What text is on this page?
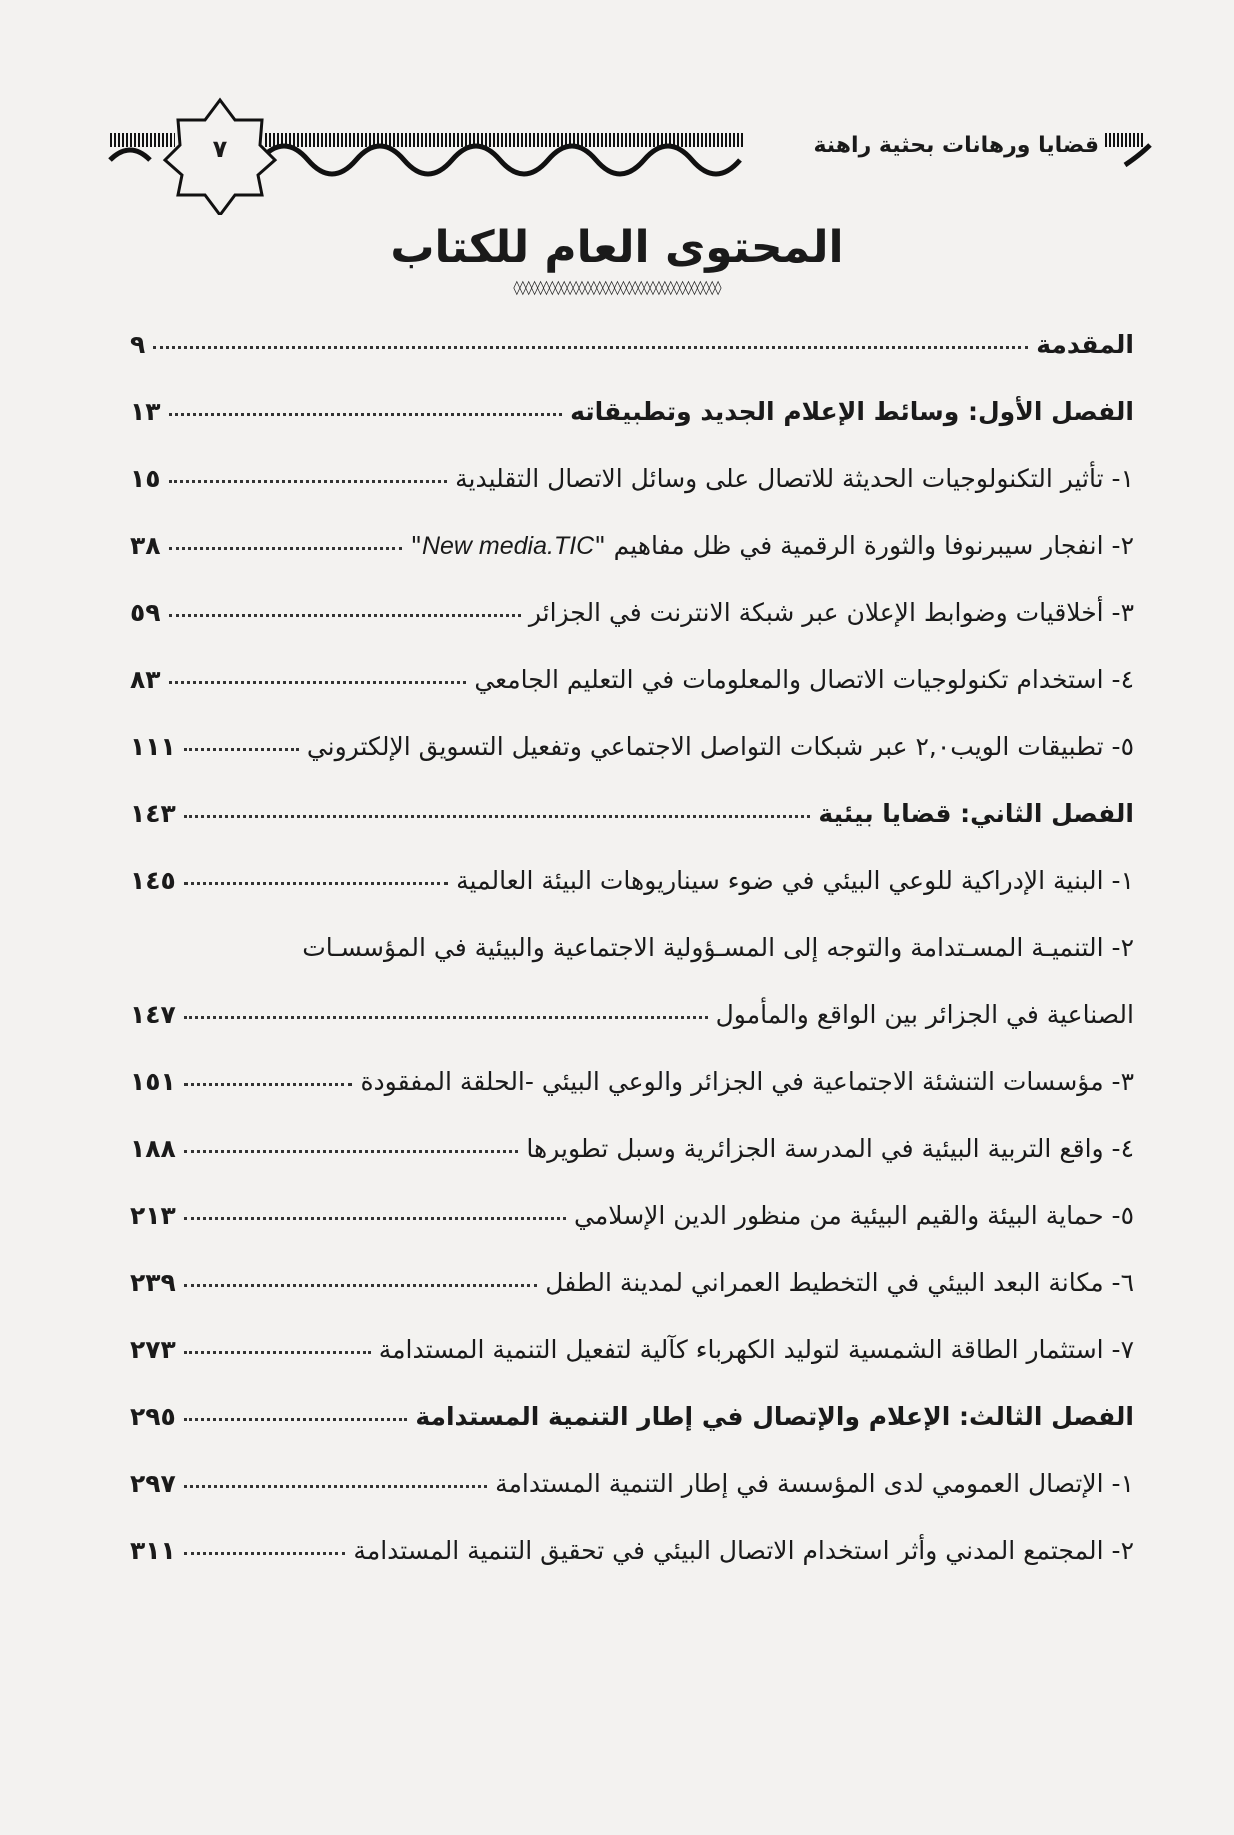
٧	قضايا ورهانات بحثية راهنة
المحتوى العام للكتاب
◊◊◊◊◊◊◊◊◊◊◊◊◊◊◊◊◊◊◊◊◊◊◊◊◊◊◊◊◊◊◊◊◊◊◊
المقدمة
٩
الفصل الأول: وسائط الإعلام الجديد وتطبيقاته
١٣
١- تأثير التكنولوجيات الحديثة للاتصال على وسائل الاتصال التقليدية
١٥
٢- انفجار سيبرنوفا والثورة الرقمية في ظل مفاهيم "New media.TIC"
٣٨
٣- أخلاقيات وضوابط الإعلان عبر شبكة الانترنت في الجزائر
٥٩
٤- استخدام تكنولوجيات الاتصال والمعلومات في التعليم الجامعي
٨٣
٥- تطبيقات الويب٢,٠ عبر شبكات التواصل الاجتماعي وتفعيل التسويق الإلكتروني
١١١
الفصل الثاني: قضايا بيئية
١٤٣
١- البنية الإدراكية للوعي البيئي في ضوء سيناريوهات البيئة العالمية
١٤٥
٢- التنميـة المسـتدامة والتوجه إلى المسـؤولية الاجتماعية والبيئية في المؤسسـات
الصناعية في الجزائر بين الواقع والمأمول
١٤٧
٣- مؤسسات التنشئة الاجتماعية في الجزائر والوعي البيئي -الحلقة المفقودة
١٥١
٤- واقع التربية البيئية في المدرسة الجزائرية وسبل تطويرها
١٨٨
٥- حماية البيئة والقيم البيئية من منظور الدين الإسلامي
٢١٣
٦- مكانة البعد البيئي في التخطيط العمراني لمدينة الطفل
٢٣٩
٧- استثمار الطاقة الشمسية لتوليد الكهرباء كآلية لتفعيل التنمية المستدامة
٢٧٣
الفصل الثالث: الإعلام والإتصال في إطار التنمية المستدامة
٢٩٥
١- الإتصال العمومي لدى المؤسسة في إطار التنمية المستدامة
٢٩٧
٢- المجتمع المدني وأثر استخدام الاتصال البيئي في تحقيق التنمية المستدامة
٣١١
